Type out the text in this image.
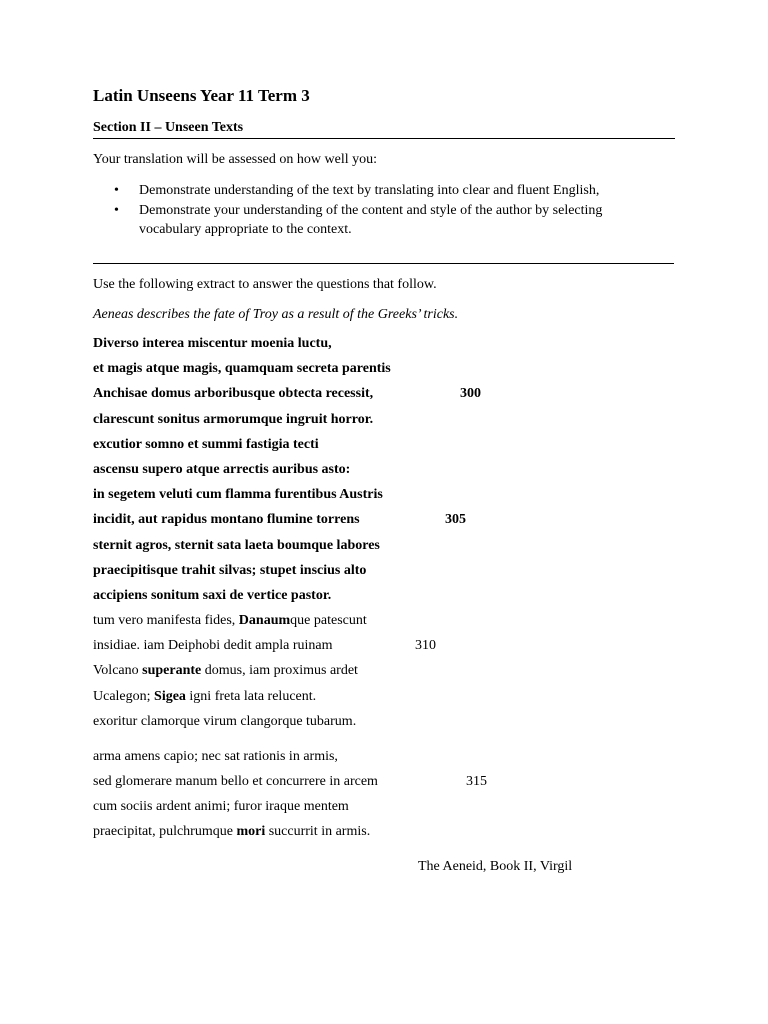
Latin Unseens Year 11 Term 3
Section II – Unseen Texts
Your translation will be assessed on how well you:
• Demonstrate understanding of the text by translating into clear and fluent English,
• Demonstrate your understanding of the content and style of the author by selecting vocabulary appropriate to the context.
Use the following extract to answer the questions that follow.
Aeneas describes the fate of Troy as a result of the Greeks’ tricks.
Diverso interea miscentur moenia luctu,
et magis atque magis, quamquam secreta parentis
Anchisae domus arboribusque obtecta recessit,	300
clarescunt sonitus armorumque ingruit horror.
excutior somno et summi fastigia tecti
ascensu supero atque arrectis auribus asto:
in segetem veluti cum flamma furentibus Austris
incidit, aut rapidus montano flumine torrens	305
sternit agros, sternit sata laeta boumque labores
praecipitisque trahit silvas; stupet inscius alto
accipiens sonitum saxi de vertice pastor.
tum vero manifesta fides, Danaumque patescunt
insidiae. iam Deiphobi dedit ampla ruinam	310
Volcano superante domus, iam proximus ardet
Ucalegon; Sigea igni freta lata relucent.
exoritur clamorque virum clangorque tubarum.
arma amens capio; nec sat rationis in armis,
sed glomerare manum bello et concurrere in arcem	315
cum sociis ardent animi; furor iraque mentem
praecipitat, pulchrumque mori succurrit in armis.
The Aeneid, Book II, Virgil
